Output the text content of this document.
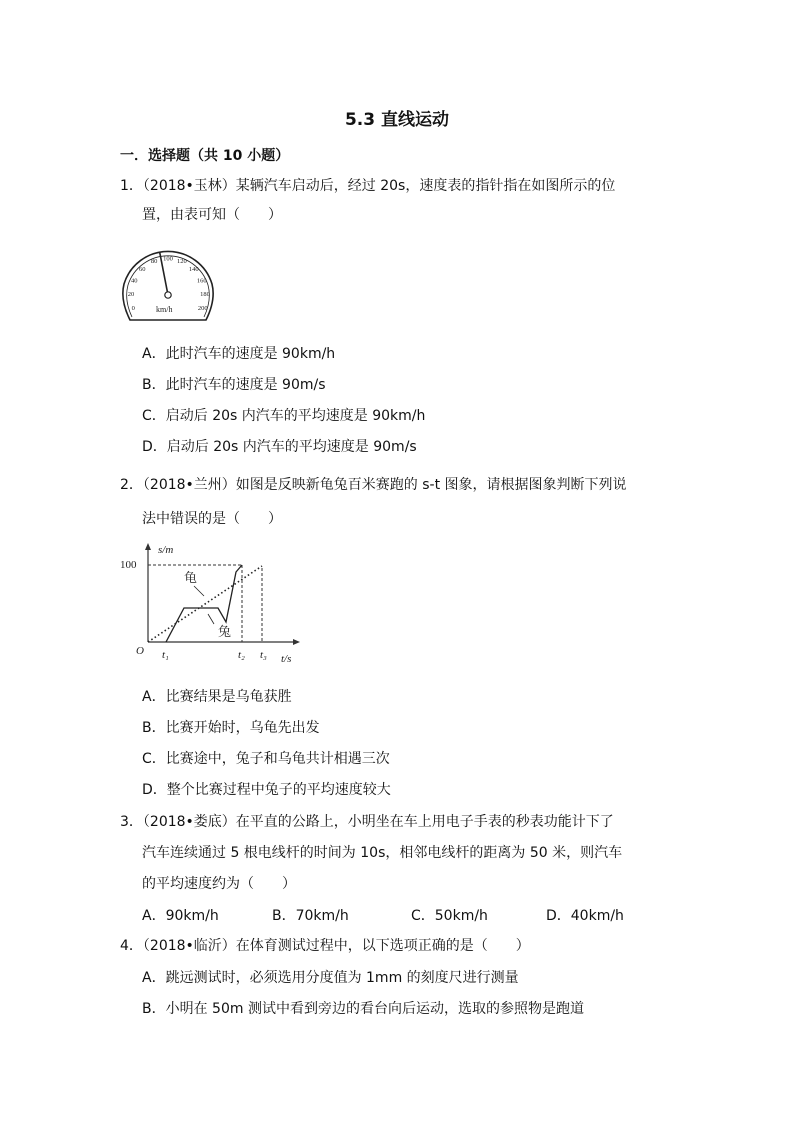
5.3 直线运动
一．选择题（共 10 小题）
1．（2018•玉林）某辆汽车启动后，经过 20s，速度表的指针指在如图所示的位
置，由表可知（　　）
0
20
40
60
80 100 120
140
160
180
200
km/h
A．此时汽车的速度是 90km/h
B．此时汽车的速度是 90m/s
C．启动后 20s 内汽车的平均速度是 90km/h
D．启动后 20s 内汽车的平均速度是 90m/s
2．（2018•兰州）如图是反映新龟兔百米赛跑的 s-t 图象，请根据图象判断下列说
法中错误的是（　　）
s/m
t/s
100
O t₁	t₂ t₃
龟
兔
A．比赛结果是乌龟获胜
B．比赛开始时，乌龟先出发
C．比赛途中，兔子和乌龟共计相遇三次
D．整个比赛过程中兔子的平均速度较大
3．（2018•娄底）在平直的公路上，小明坐在车上用电子手表的秒表功能计下了
汽车连续通过 5 根电线杆的时间为 10s，相邻电线杆的距离为 50 米，则汽车
的平均速度约为（　　）
A．90km/h	B．70km/h	C．50km/h	D．40km/h
4．（2018•临沂）在体育测试过程中，以下选项正确的是（　　）
A．跳远测试时，必须选用分度值为 1mm 的刻度尺进行测量
B．小明在 50m 测试中看到旁边的看台向后运动，选取的参照物是跑道
